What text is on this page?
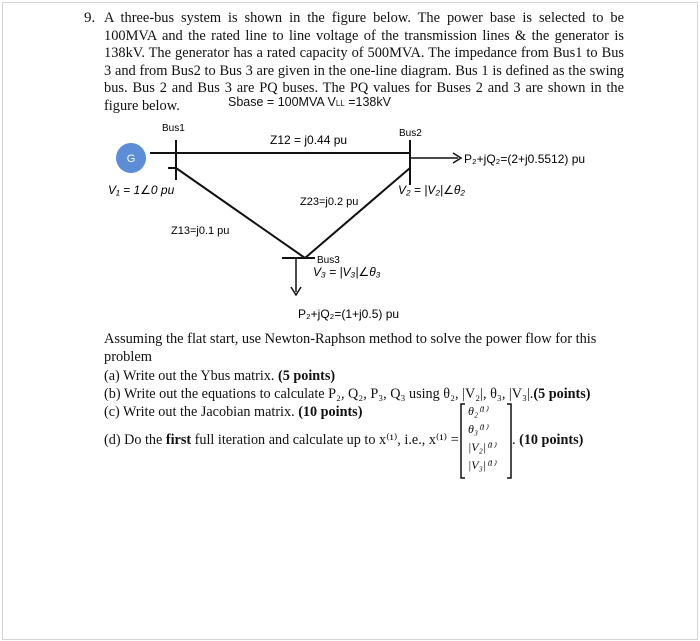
9. A three-bus system is shown in the figure below. The power base is selected to be 100MVA and the rated line to line voltage of the transmission lines & the generator is 138kV. The generator has a rated capacity of 500MVA. The impedance from Bus1 to Bus 3 and from Bus2 to Bus 3 are given in the one-line diagram. Bus 1 is defined as the swing bus. Bus 2 and Bus 3 are PQ buses. The PQ values for Buses 2 and 3 are shown in the figure below.	Sbase = 100MVA VLL =138kV
G
Bus1	Bus2
Bus3
Z12 = j0.44 pu
Z23=j0.2 pu
Z13=j0.1 pu
P₂+jQ₂=(2+j0.5512) pu
P₂+jQ₂=(1+j0.5) pu
V₁ = 1∠0 pu	V₂ = |V₂|∠θ₂
V₃ = |V₃|∠θ₃
Assuming the flat start, use Newton-Raphson method to solve the power flow for this problem
(a) Write out the Ybus matrix. (5 points)
(b) Write out the equations to calculate P₂, Q₂, P₃, Q₃ using θ₂, |V₂|, θ₃, |V₃|.(5 points)
(c) Write out the Jacobian matrix. (10 points)
(d) Do the first full iteration and calculate up to x⁽¹⁾, i.e., x⁽¹⁾ =
θ₂⁽¹⁾
θ₃⁽¹⁾
|V₂|⁽¹⁾
|V₃|⁽¹⁾
. (10 points)
